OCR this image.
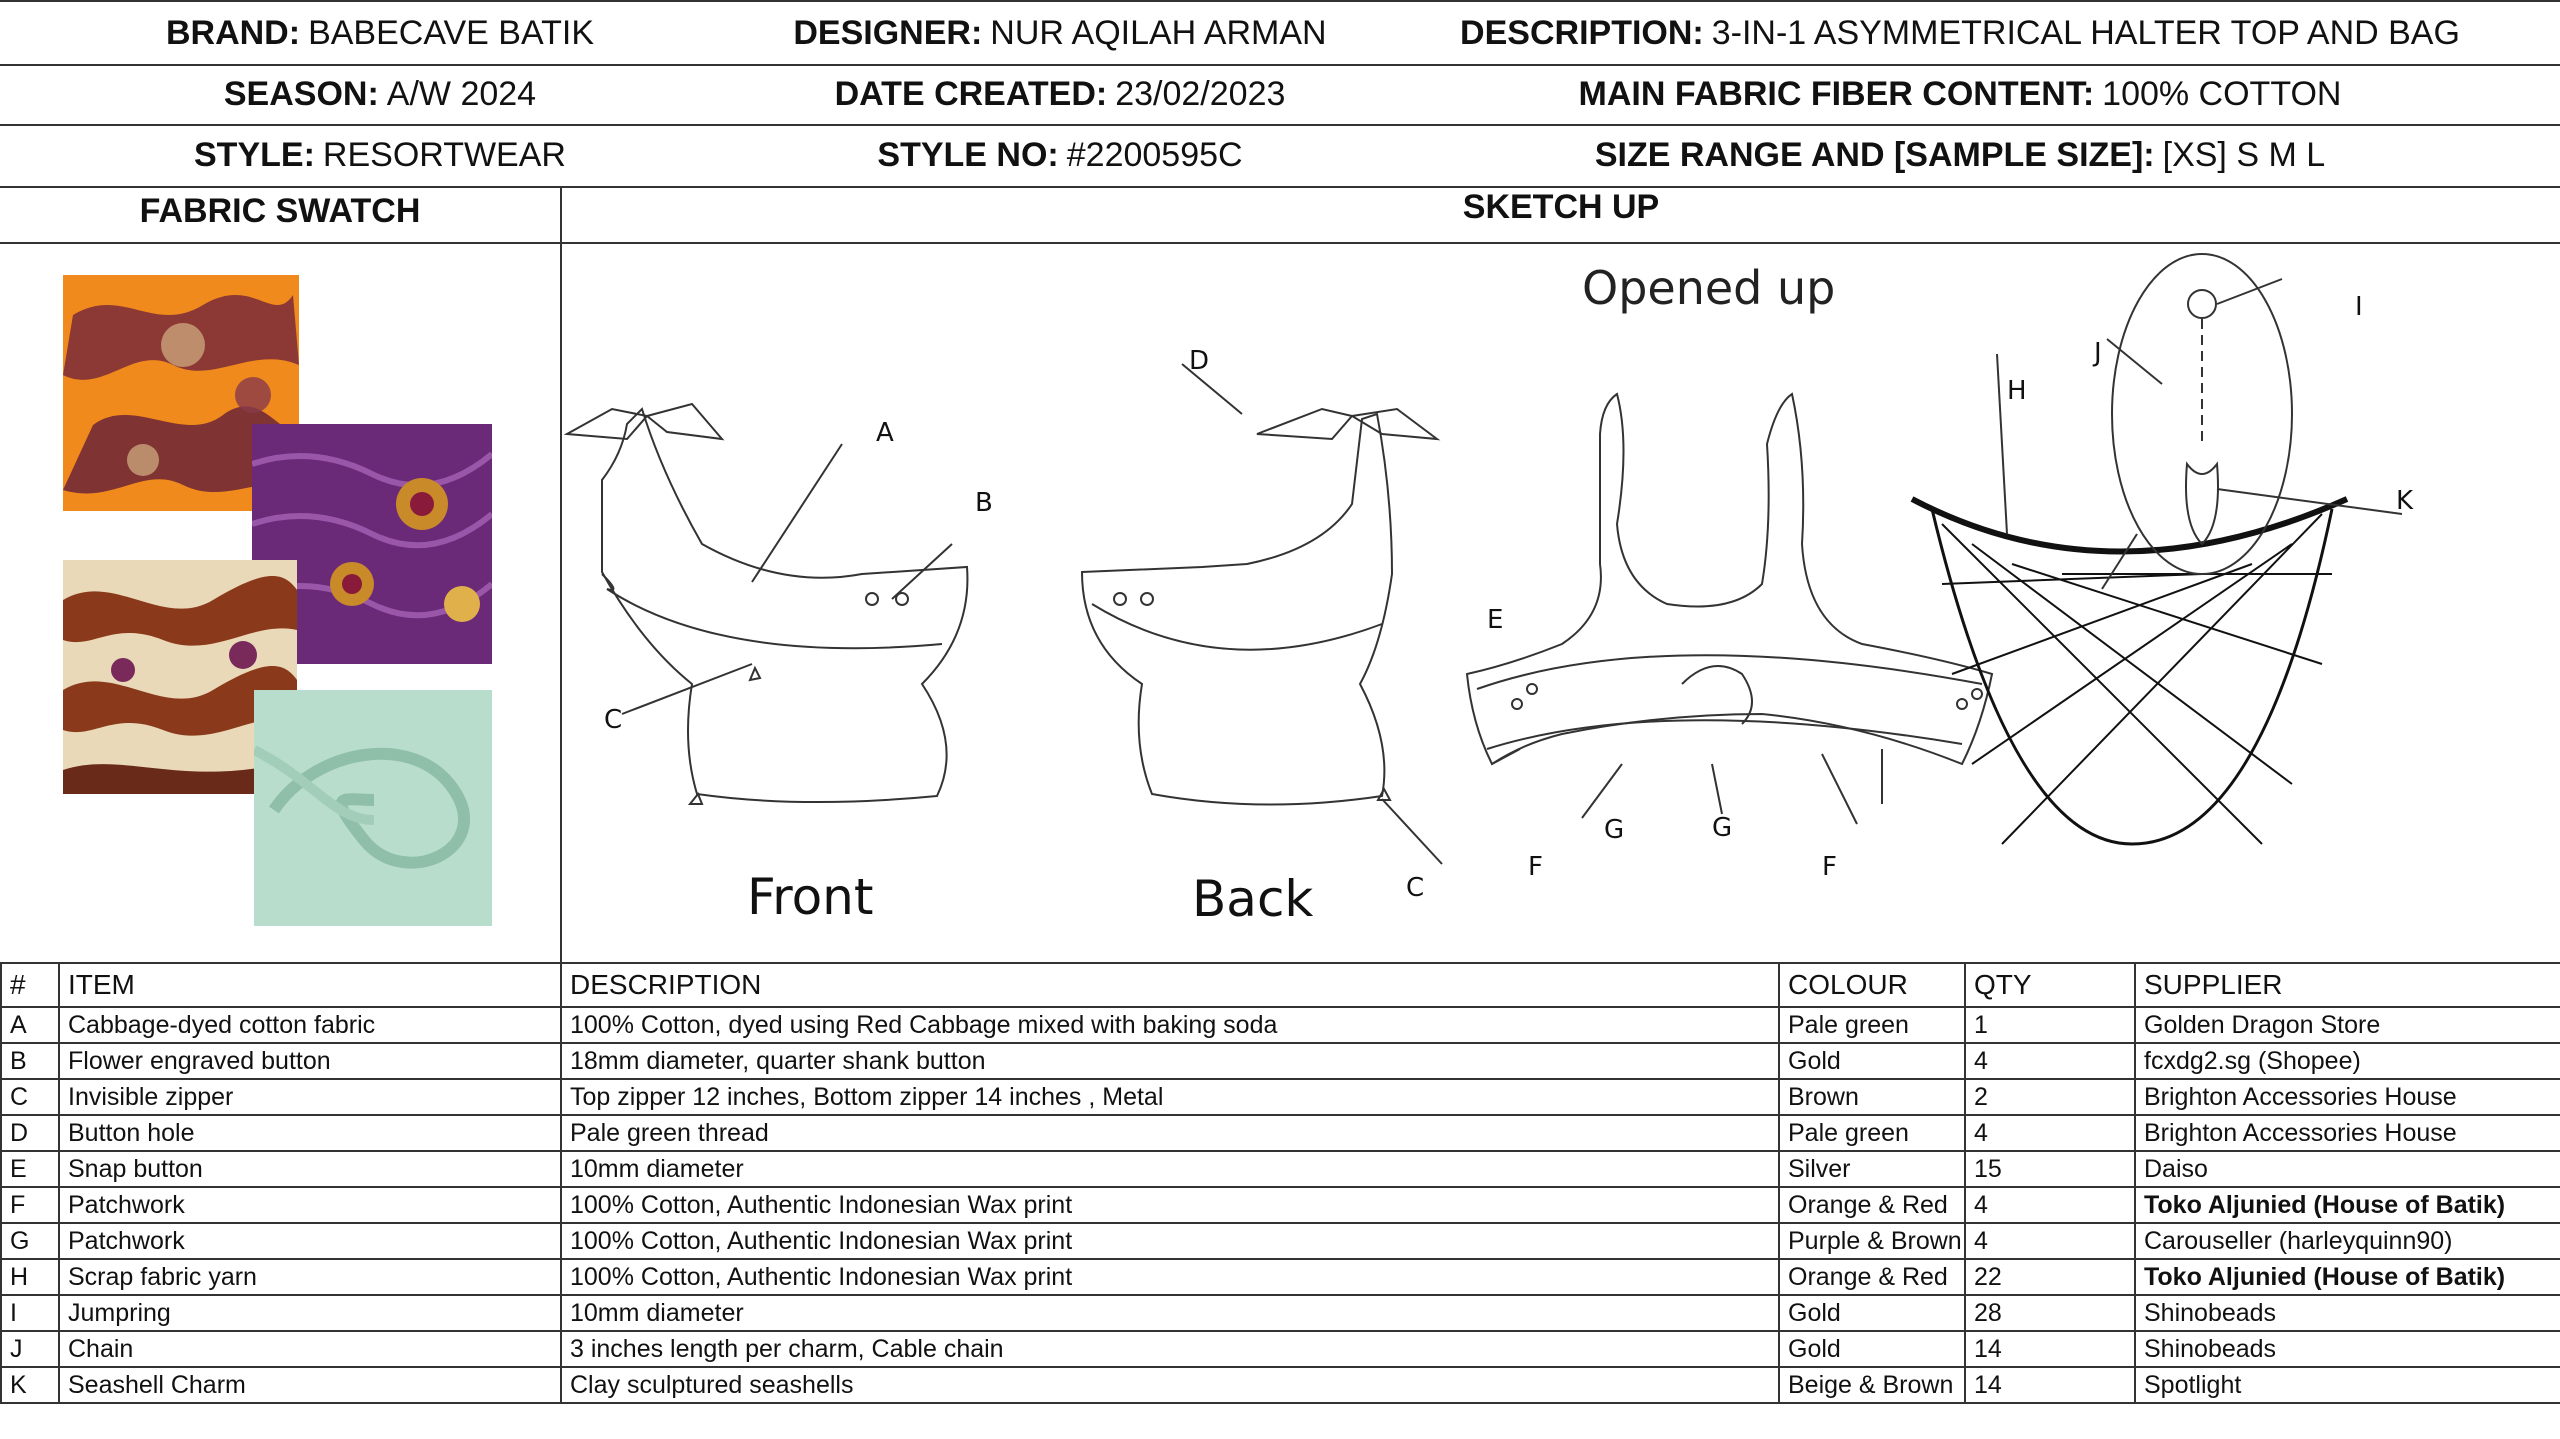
BRAND: BABECAVE BATIK	DESIGNER: NUR AQILAH ARMAN	DESCRIPTION: 3-IN-1 ASYMMETRICAL HALTER TOP AND BAG
SEASON: A/W 2024	DATE CREATED: 23/02/2023	MAIN FABRIC FIBER CONTENT: 100% COTTON
STYLE: RESORTWEAR	STYLE NO: #2200595C	SIZE RANGE AND [SAMPLE SIZE]: [XS] S M L
FABRIC SWATCH	SKETCH UP
Opened up
Front	Back
A
B
C
D
C
E
F
G	G
F
H
J
I
K
#	ITEM	DESCRIPTION	COLOUR	QTY	SUPPLIER
A	Cabbage-dyed cotton fabric	100% Cotton, dyed using Red Cabbage mixed with baking soda	Pale green	1	Golden Dragon Store
B	Flower engraved button	18mm diameter, quarter shank button	Gold	4	fcxdg2.sg (Shopee)
C	Invisible zipper	Top zipper 12 inches, Bottom zipper 14 inches , Metal	Brown	2	Brighton Accessories House
D	Button hole	Pale green thread	Pale green	4	Brighton Accessories House
E	Snap button	10mm diameter	Silver	15	Daiso
F	Patchwork	100% Cotton, Authentic Indonesian Wax print	Orange & Red	4	Toko Aljunied (House of Batik)
G	Patchwork	100% Cotton, Authentic Indonesian Wax print	Purple & Brown	4	Carouseller (harleyquinn90)
H	Scrap fabric yarn	100% Cotton, Authentic Indonesian Wax print	Orange & Red	22	Toko Aljunied (House of Batik)
I	Jumpring	10mm diameter	Gold	28	Shinobeads
J	Chain	3 inches length per charm, Cable chain	Gold	14	Shinobeads
K	Seashell Charm	Clay sculptured seashells	Beige & Brown	14	Spotlight
